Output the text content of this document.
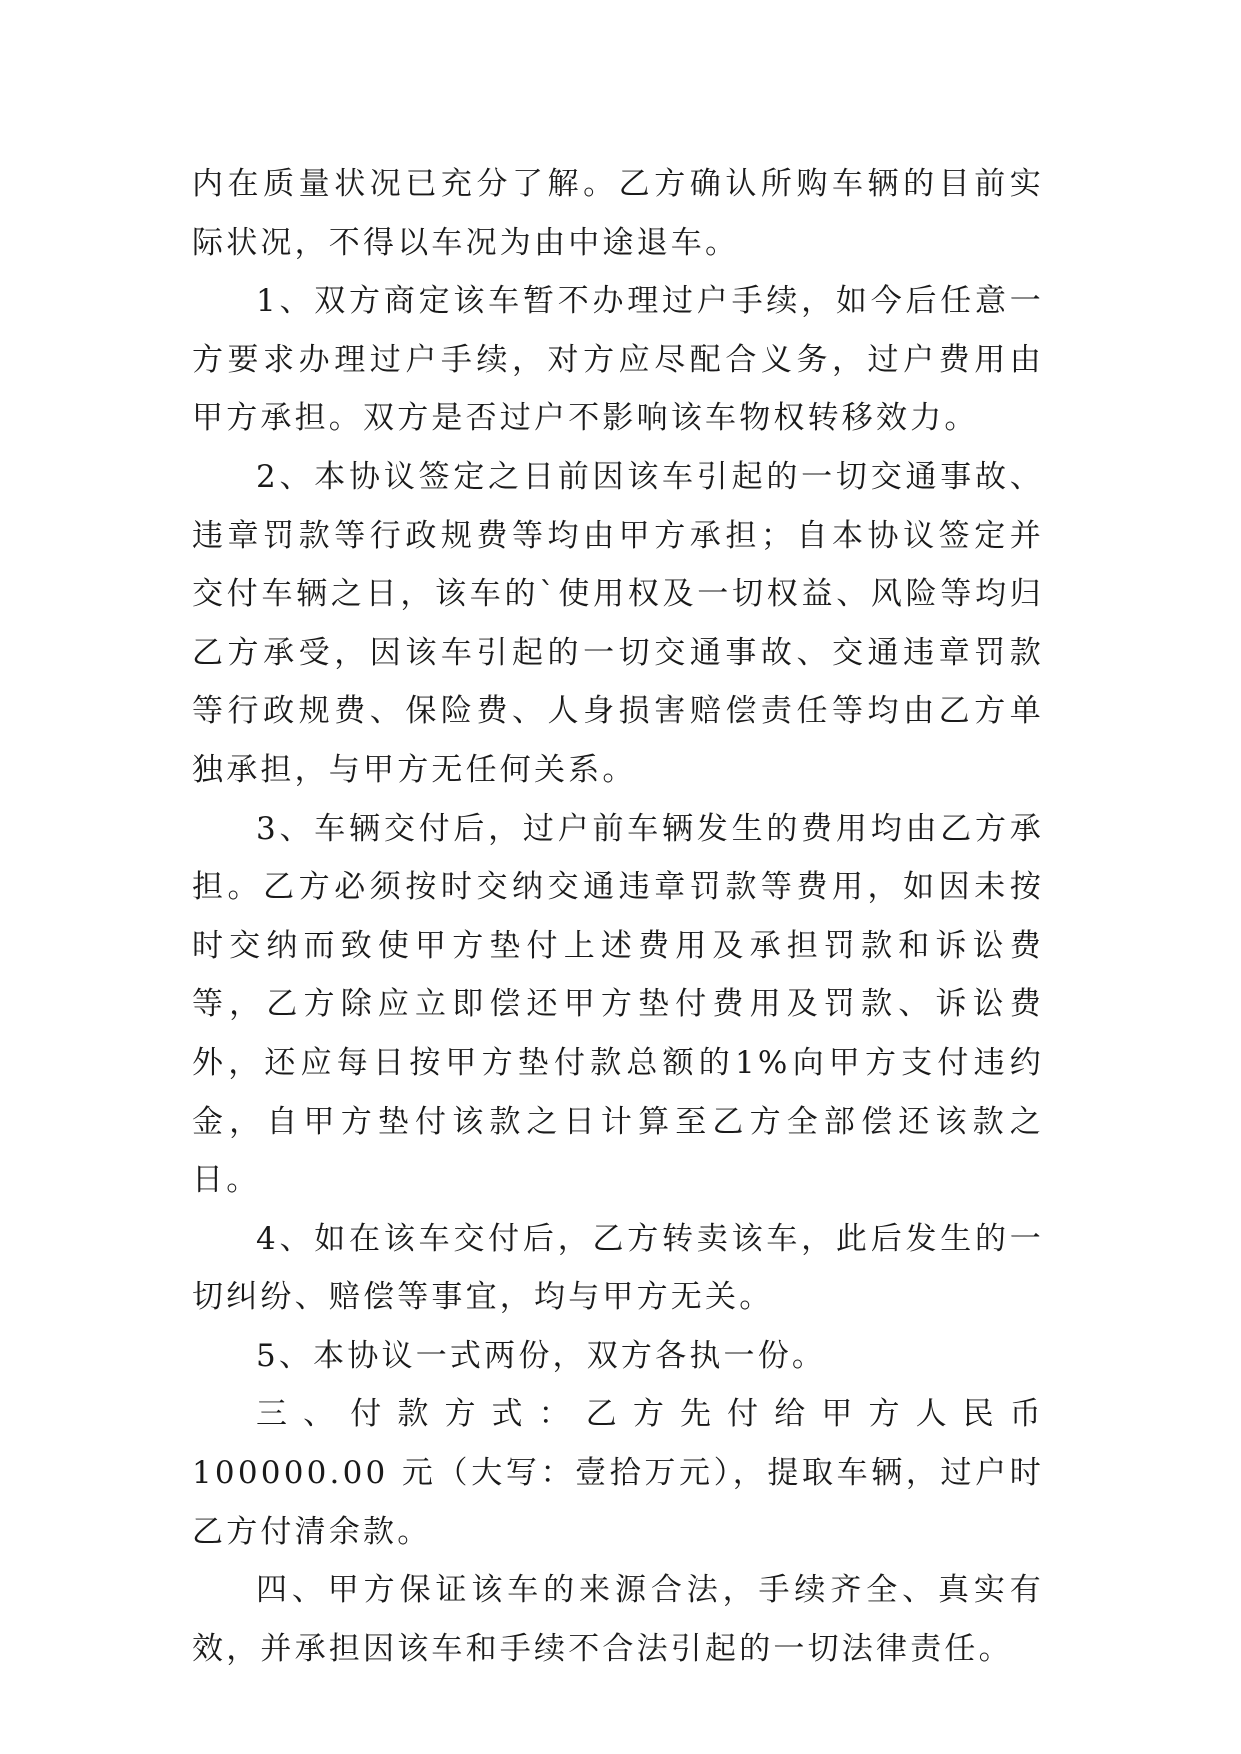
内在质量状况已充分了解。乙方确认所购车辆的目前实际状况，不得以车况为由中途退车。

1、双方商定该车暂不办理过户手续，如今后任意一方要求办理过户手续，对方应尽配合义务，过户费用由甲方承担。双方是否过户不影响该车物权转移效力。

2、本协议签定之日前因该车引起的一切交通事故、违章罚款等行政规费等均由甲方承担；自本协议签定并交付车辆之日，该车的`使用权及一切权益、风险等均归乙方承受，因该车引起的一切交通事故、交通违章罚款等行政规费、保险费、人身损害赔偿责任等均由乙方单独承担，与甲方无任何关系。

3、车辆交付后，过户前车辆发生的费用均由乙方承担。乙方必须按时交纳交通违章罚款等费用，如因未按时交纳而致使甲方垫付上述费用及承担罚款和诉讼费等，乙方除应立即偿还甲方垫付费用及罚款、诉讼费外，还应每日按甲方垫付款总额的1%向甲方支付违约金，自甲方垫付该款之日计算至乙方全部偿还该款之日。

4、如在该车交付后，乙方转卖该车，此后发生的一切纠纷、赔偿等事宜，均与甲方无关。

5、本协议一式两份，双方各执一份。

三、付款方式：乙方先付给甲方人民币 100000.00 元（大写：壹拾万元），提取车辆，过户时乙方付清余款。

四、甲方保证该车的来源合法，手续齐全、真实有效，并承担因该车和手续不合法引起的一切法律责任。
